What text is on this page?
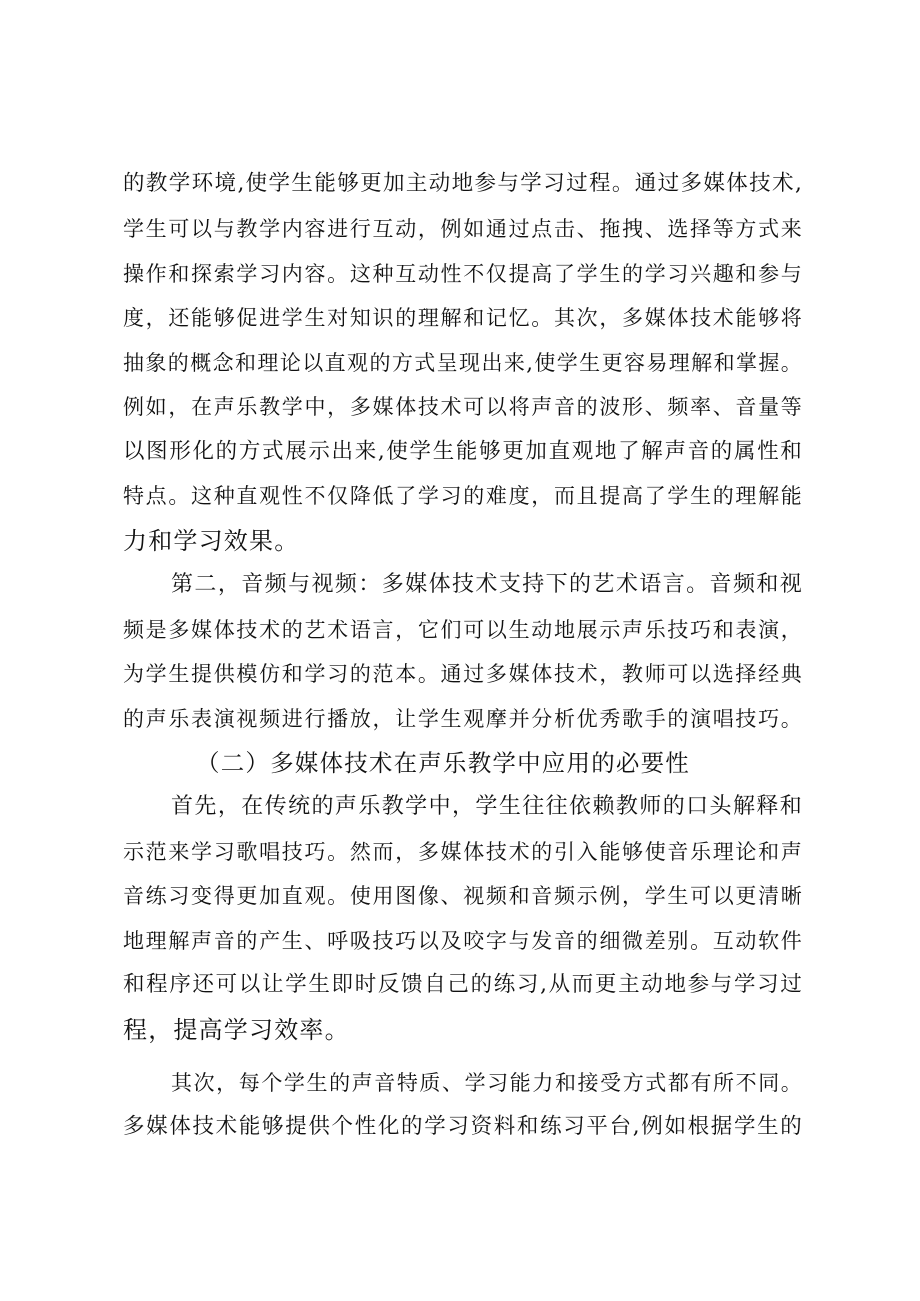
的教学环境,使学生能够更加主动地参与学习过程。通过多媒体技术,
学生可以与教学内容进行互动，例如通过点击、拖拽、选择等方式来
操作和探索学习内容。这种互动性不仅提高了学生的学习兴趣和参与
度，还能够促进学生对知识的理解和记忆。其次，多媒体技术能够将
抽象的概念和理论以直观的方式呈现出来,使学生更容易理解和掌握。
例如，在声乐教学中，多媒体技术可以将声音的波形、频率、音量等
以图形化的方式展示出来,使学生能够更加直观地了解声音的属性和
特点。这种直观性不仅降低了学习的难度，而且提高了学生的理解能
力和学习效果。
第二，音频与视频：多媒体技术支持下的艺术语言。音频和视
频是多媒体技术的艺术语言，它们可以生动地展示声乐技巧和表演，
为学生提供模仿和学习的范本。通过多媒体技术，教师可以选择经典
的声乐表演视频进行播放，让学生观摩并分析优秀歌手的演唱技巧。
（二）多媒体技术在声乐教学中应用的必要性
首先，在传统的声乐教学中，学生往往依赖教师的口头解释和
示范来学习歌唱技巧。然而，多媒体技术的引入能够使音乐理论和声
音练习变得更加直观。使用图像、视频和音频示例，学生可以更清晰
地理解声音的产生、呼吸技巧以及咬字与发音的细微差别。互动软件
和程序还可以让学生即时反馈自己的练习,从而更主动地参与学习过
程，提高学习效率。
其次，每个学生的声音特质、学习能力和接受方式都有所不同。
多媒体技术能够提供个性化的学习资料和练习平台,例如根据学生的
